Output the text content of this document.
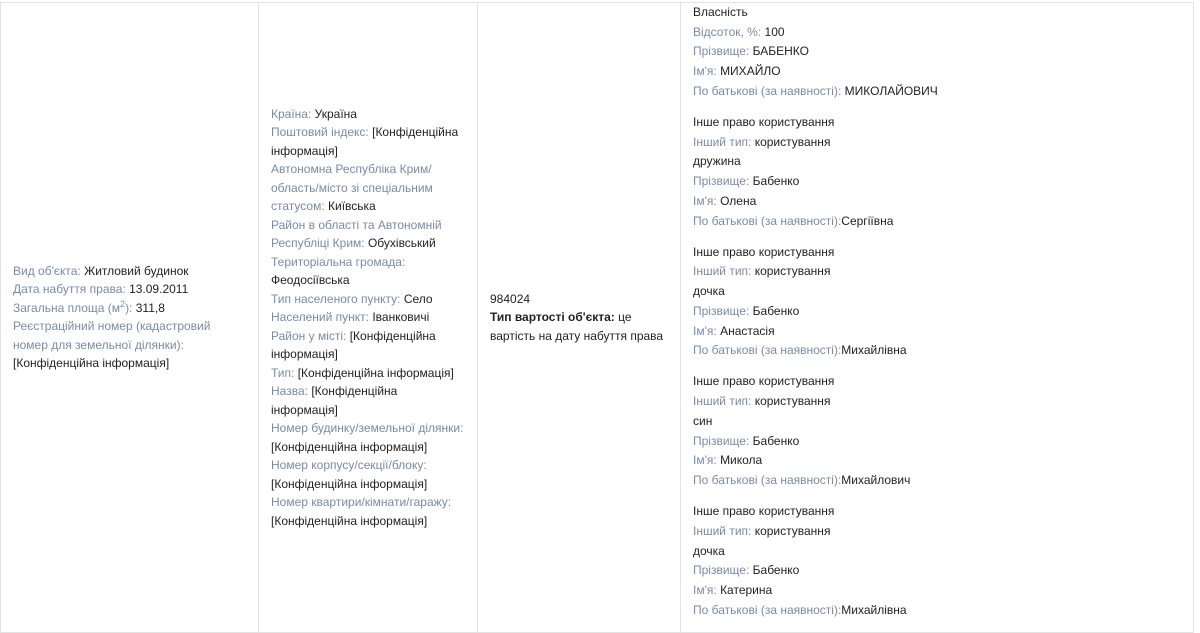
Вид об'єкта: Житловий будинок
Дата набуття права: 13.09.2011
Загальна площа $(м^2)$: 311,8
Реєстраційний номер (кадастровий номер для земельної ділянки): [Конфіденційна інформація]

Країна: Україна
Поштовий індекс: [Конфіденційна інформація]
Автономна Республіка Крим/ область/місто зі спеціальним статусом: Київська
Район в області та Автономній Республіці Крим: Обухівський
Територіальна громада: Феодосіївська
Тип населеного пункту: Село
Населений пункт: Іванковичі
Район у місті: [Конфіденційна інформація]
Тип: [Конфіденційна інформація]
Назва: [Конфіденційна інформація]
Номер будинку/земельної ділянки: [Конфіденційна інформація]
Номер корпусу/секції/блоку: [Конфіденційна інформація]
Номер квартири/кімнати/гаражу: [Конфіденційна інформація]

984024
Тип вартості об'єкта: це вартість на дату набуття права

Власність
Відсоток, %: 100
Прізвище: БАБЕНКО
Ім'я: МИХАЙЛО
По батькові (за наявності): МИКОЛАЙОВИЧ
Інше право користування
Інший тип: користування
дружина
Прізвище: Бабенко
Ім'я: Олена
По батькові (за наявності):Сергіївна
Інше право користування
Інший тип: користування
дочка
Прізвище: Бабенко
Ім'я: Анастасія
По батькові (за наявності):Михайлівна
Інше право користування
Інший тип: користування
син
Прізвище: Бабенко
Ім'я: Микола
По батькові (за наявності):Михайлович
Інше право користування
Інший тип: користування
дочка
Прізвище: Бабенко
Ім'я: Катерина
По батькові (за наявності):Михайлівна
